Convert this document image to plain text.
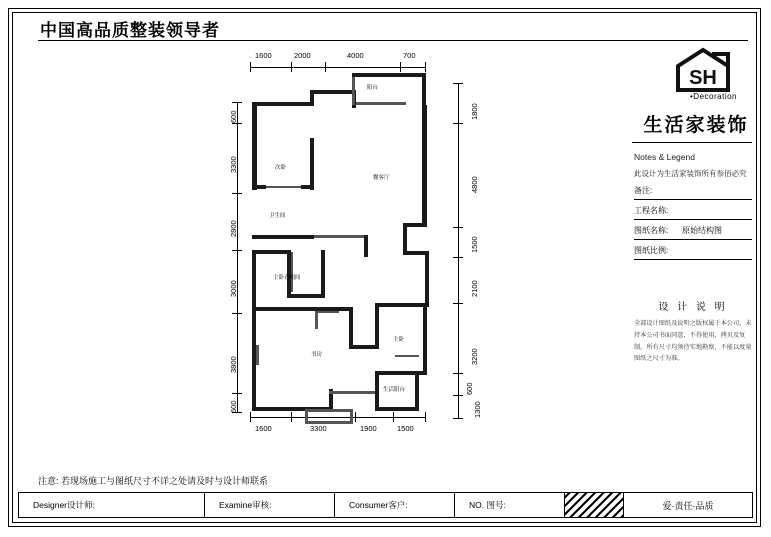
中国高品质整装领导者
1600	2000	4000	700
1600	3300	1900	1500
600
3300
2800
3000
3800
600
1800
4800
1500
2100
3200
600
1300
次卧
阳台
餐客厅
卫生间
主卧
书房
主卧衣帽间
生活阳台
SH
•Decoration
生活家装饰
Notes & Legend
此设计为生活家装饰所有参佰必究
备注:
工程名称:
图纸名称: 原始结构图
图纸比例:
设 计 说 明
全部设计图纸及说明之版权属于本公司，未持本公司书面同意，不得使用、拷贝及复制。所有尺寸均须待实地勘察，不能以度量图纸之尺寸为准。
注意: 若现场施工与图纸尺寸不详之处请及时与设计师联系
Designer设计师:	Examine审核:	Consumer客户:	NO. 图号:	爱·责任·品质
